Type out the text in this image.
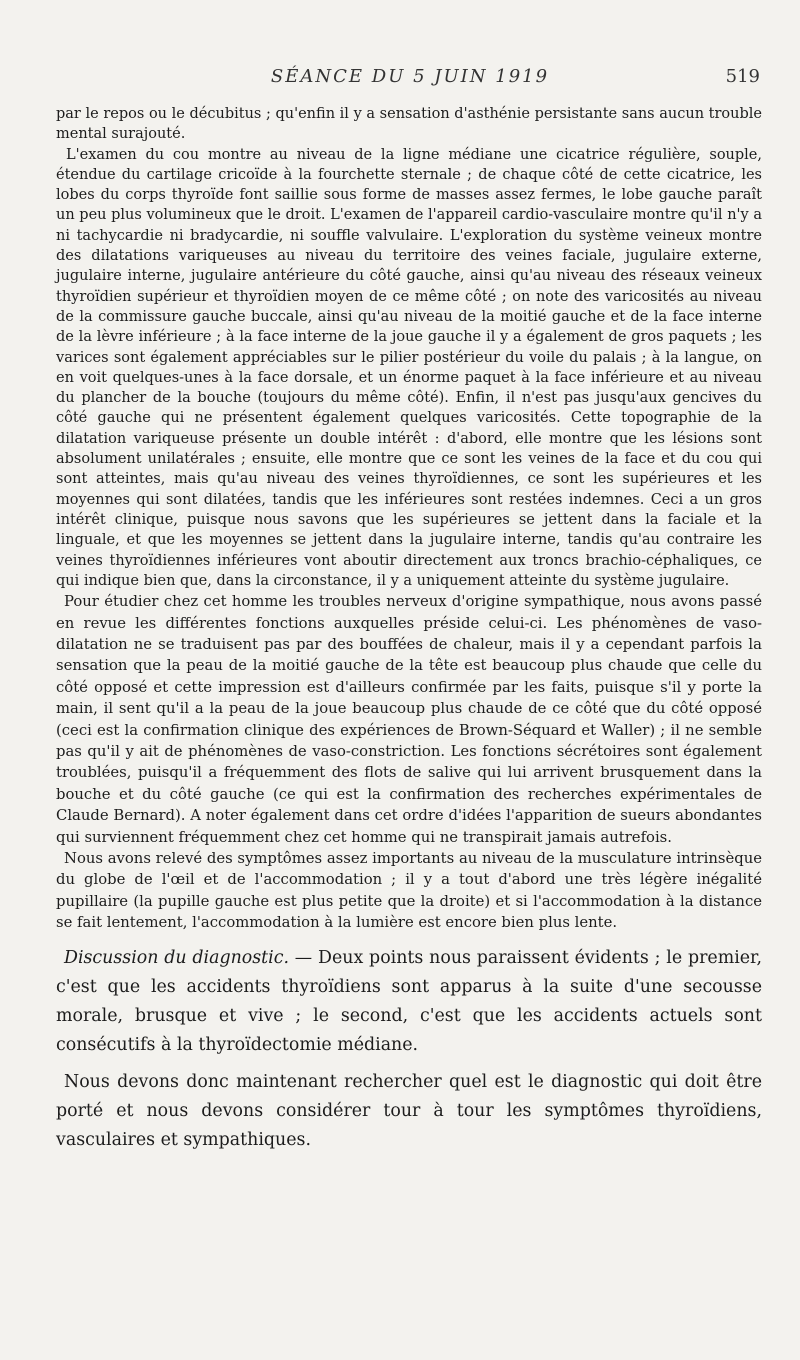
SÉANCE DU 5 JUIN 1919	519

par le repos ou le décubitus ; qu'enfin il y a sensation d'asthénie persistante sans aucun trouble mental surajouté.

L'examen du cou montre au niveau de la ligne médiane une cicatrice régulière, souple, étendue du cartilage cricoïde à la fourchette sternale ; de chaque côté de cette cicatrice, les lobes du corps thyroïde font saillie sous forme de masses assez fermes, le lobe gauche paraît un peu plus volumineux que le droit. L'examen de l'appareil cardio-vasculaire montre qu'il n'y a ni tachycardie ni bradycardie, ni souffle valvulaire. L'exploration du système veineux montre des dilatations variqueuses au niveau du territoire des veines faciale, jugulaire externe, jugulaire interne, jugulaire antérieure du côté gauche, ainsi qu'au niveau des réseaux veineux thyroïdien supérieur et thyroïdien moyen de ce même côté ; on note des varicosités au niveau de la commissure gauche buccale, ainsi qu'au niveau de la moitié gauche et de la face interne de la lèvre inférieure ; à la face interne de la joue gauche il y a également de gros paquets ; les varices sont également appréciables sur le pilier postérieur du voile du palais ; à la langue, on en voit quelques-unes à la face dorsale, et un énorme paquet à la face inférieure et au niveau du plancher de la bouche (toujours du même côté). Enfin, il n'est pas jusqu'aux gencives du côté gauche qui ne présentent également quelques varicosités. Cette topographie de la dilatation variqueuse présente un double intérêt : d'abord, elle montre que les lésions sont absolument unilatérales ; ensuite, elle montre que ce sont les veines de la face et du cou qui sont atteintes, mais qu'au niveau des veines thyroïdiennes, ce sont les supérieures et les moyennes qui sont dilatées, tandis que les inférieures sont restées indemnes. Ceci a un gros intérêt clinique, puisque nous savons que les supérieures se jettent dans la faciale et la linguale, et que les moyennes se jettent dans la jugulaire interne, tandis qu'au contraire les veines thyroïdiennes inférieures vont aboutir directement aux troncs brachio-céphaliques, ce qui indique bien que, dans la circonstance, il y a uniquement atteinte du système jugulaire.

Pour étudier chez cet homme les troubles nerveux d'origine sympathique, nous avons passé en revue les différentes fonctions auxquelles préside celui-ci. Les phénomènes de vaso-dilatation ne se traduisent pas par des bouffées de chaleur, mais il y a cependant parfois la sensation que la peau de la moitié gauche de la tête est beaucoup plus chaude que celle du côté opposé et cette impression est d'ailleurs confirmée par les faits, puisque s'il y porte la main, il sent qu'il a la peau de la joue beaucoup plus chaude de ce côté que du côté opposé (ceci est la confirmation clinique des expériences de Brown-Séquard et Waller) ; il ne semble pas qu'il y ait de phénomènes de vaso-constriction. Les fonctions sécrétoires sont également troublées, puisqu'il a fréquemment des flots de salive qui lui arrivent brusquement dans la bouche et du côté gauche (ce qui est la confirmation des recherches expérimentales de Claude Bernard). A noter également dans cet ordre d'idées l'apparition de sueurs abondantes qui surviennent fréquemment chez cet homme qui ne transpirait jamais autrefois.

Nous avons relevé des symptômes assez importants au niveau de la musculature intrinsèque du globe de l'œil et de l'accommodation ; il y a tout d'abord une très légère inégalité pupillaire (la pupille gauche est plus petite que la droite) et si l'accommodation à la distance se fait lentement, l'accommodation à la lumière est encore bien plus lente.

Discussion du diagnostic. — Deux points nous paraissent évidents ; le premier, c'est que les accidents thyroïdiens sont apparus à la suite d'une secousse morale, brusque et vive ; le second, c'est que les accidents actuels sont consécutifs à la thyroïdectomie médiane.

Nous devons donc maintenant rechercher quel est le diagnostic qui doit être porté et nous devons considérer tour à tour les symptômes thyroïdiens, vasculaires et sympathiques.
